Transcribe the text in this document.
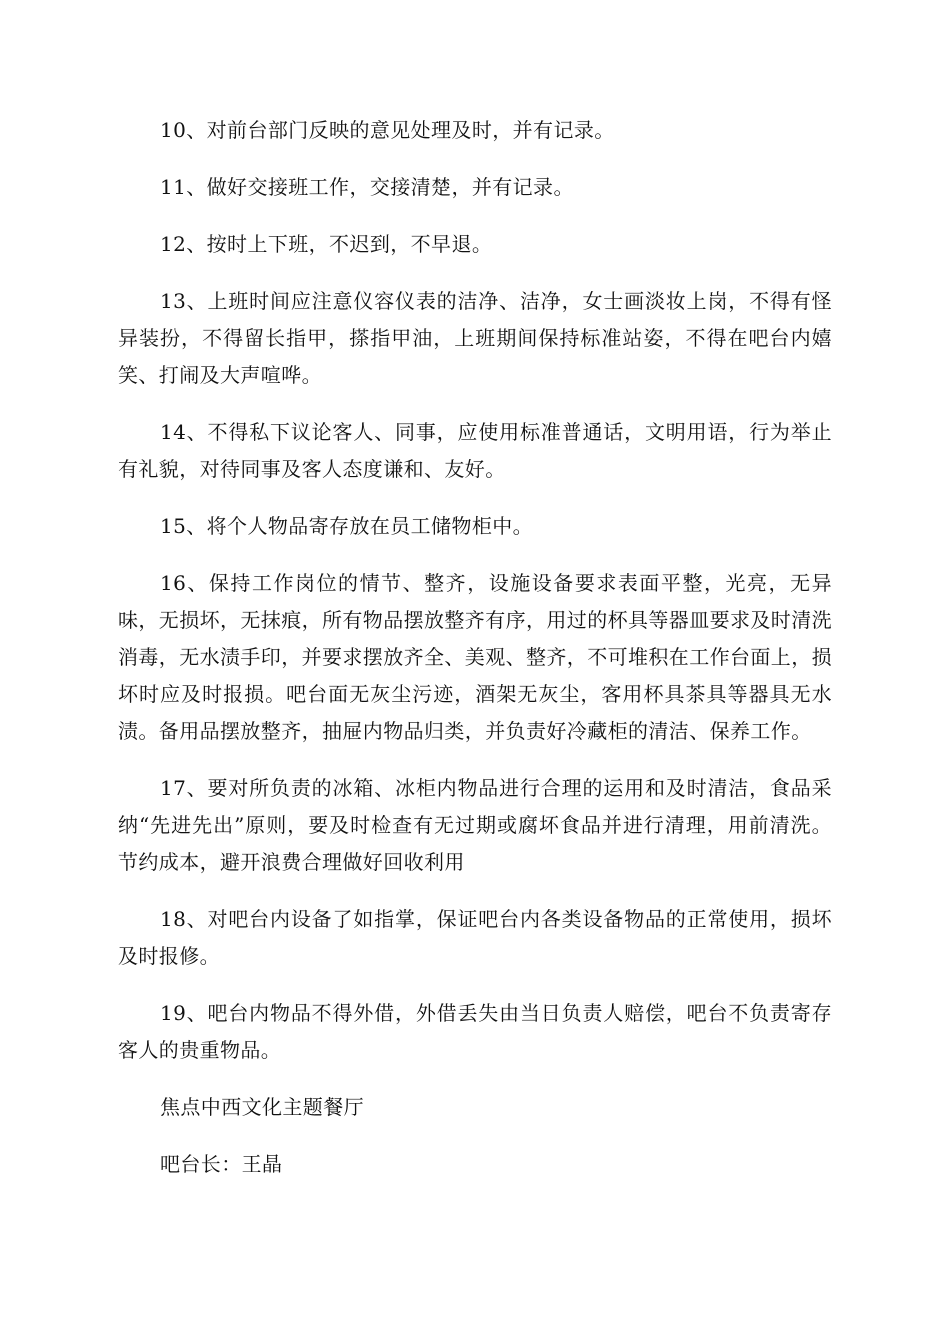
10、对前台部门反映的意见处理及时，并有记录。

11、做好交接班工作，交接清楚，并有记录。

12、按时上下班，不迟到，不早退。

13、上班时间应注意仪容仪表的洁净、洁净，女士画淡妆上岗，不得有怪异装扮，不得留长指甲，搽指甲油，上班期间保持标准站姿，不得在吧台内嬉笑、打闹及大声喧哗。

14、不得私下议论客人、同事，应使用标准普通话，文明用语，行为举止有礼貌，对待同事及客人态度谦和、友好。

15、将个人物品寄存放在员工储物柜中。

16、保持工作岗位的情节、整齐，设施设备要求表面平整，光亮，无异味，无损坏，无抹痕，所有物品摆放整齐有序，用过的杯具等器皿要求及时清洗消毒，无水渍手印，并要求摆放齐全、美观、整齐，不可堆积在工作台面上，损坏时应及时报损。吧台面无灰尘污迹，酒架无灰尘，客用杯具茶具等器具无水渍。备用品摆放整齐，抽屉内物品归类，并负责好冷藏柜的清洁、保养工作。

17、要对所负责的冰箱、冰柜内物品进行合理的运用和及时清洁，食品采纳“先进先出”原则，要及时检查有无过期或腐坏食品并进行清理，用前清洗。节约成本，避开浪费合理做好回收利用

18、对吧台内设备了如指掌，保证吧台内各类设备物品的正常使用，损坏及时报修。

19、吧台内物品不得外借，外借丢失由当日负责人赔偿，吧台不负责寄存客人的贵重物品。

焦点中西文化主题餐厅

吧台长：王晶
